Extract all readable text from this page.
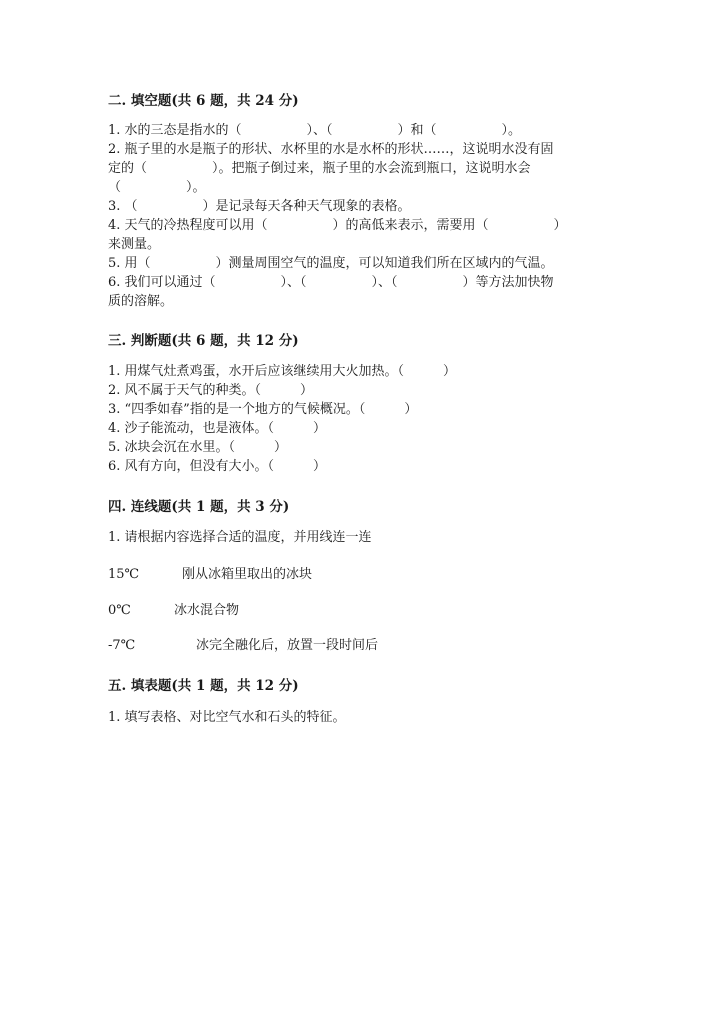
二. 填空题(共 6 题，共 24 分)
1. 水的三态是指水的（　　　　　）、（　　　　　）和（　　　　　）。
2. 瓶子里的水是瓶子的形状、水杯里的水是水杯的形状……，这说明水没有固
定的（　　　　　）。把瓶子倒过来，瓶子里的水会流到瓶口，这说明水会
（　　　　　）。
3. （　　　　　）是记录每天各种天气现象的表格。
4. 天气的冷热程度可以用（　　　　　）的高低来表示，需要用（　　　　　）
来测量。
5. 用（　　　　　）测量周围空气的温度，可以知道我们所在区域内的气温。
6. 我们可以通过（　　　　　）、（　　　　　）、（　　　　　）等方法加快物
质的溶解。
三. 判断题(共 6 题，共 12 分)
1. 用煤气灶煮鸡蛋，水开后应该继续用大火加热。（　　　）
2. 风不属于天气的种类。（　　　）
3. “四季如春”指的是一个地方的气候概况。（　　　）
4. 沙子能流动，也是液体。（　　　）
5. 冰块会沉在水里。（　　　）
6. 风有方向，但没有大小。（　　　）
四. 连线题(共 1 题，共 3 分)
1. 请根据内容选择合适的温度，并用线连一连
15℃	刚从冰箱里取出的冰块
0℃	冰水混合物
-7℃	冰完全融化后，放置一段时间后
五. 填表题(共 1 题，共 12 分)
1. 填写表格、对比空气水和石头的特征。
